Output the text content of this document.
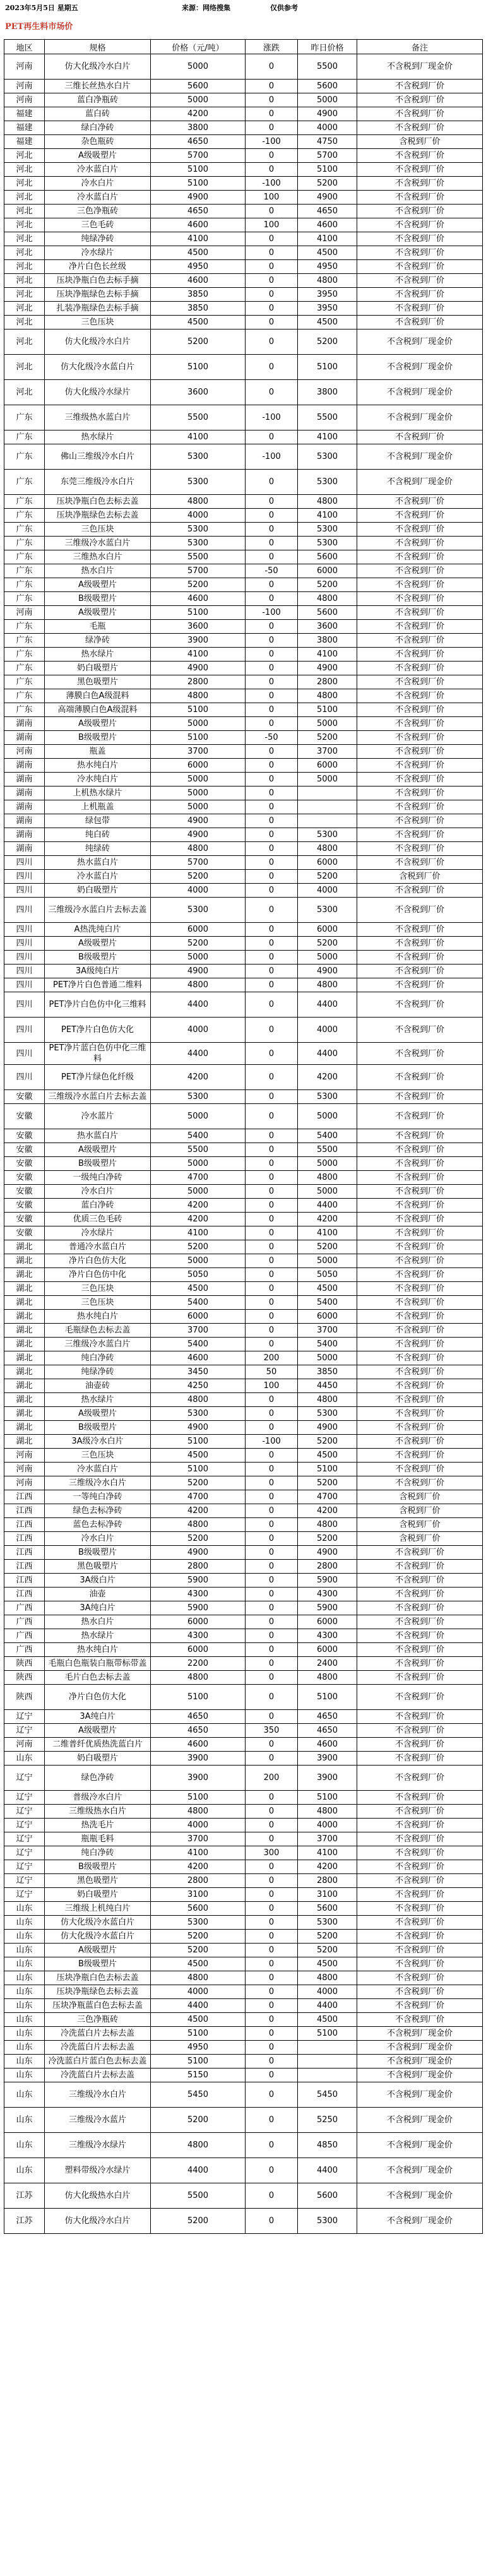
2023年5月5日 星期五	来源：网络搜集	仅供参考
PET再生料市场价
地区	规格	价格（元/吨）	涨跌	昨日价格	备注
河南	仿大化级冷水白片	5000	0	5500	不含税到厂现金价
河南	三维长丝热水白片	5600	0	5600	不含税到厂价
河南	蓝白净瓶砖	5000	0	5000	不含税到厂价
福建	蓝白砖	4200	0	4900	不含税到厂价
福建	绿白净砖	3800	0	4000	不含税到厂价
福建	杂色瓶砖	4650	-100	4750	含税到厂价
河北	A级吸塑片	5700	0	5700	不含税到厂价
河北	冷水蓝白片	5100	0	5100	不含税到厂价
河北	冷水白片	5100	-100	5200	不含税到厂价
河北	冷水蓝白片	4900	100	4900	不含税到厂价
河北	三色净瓶砖	4650	0	4650	不含税到厂价
河北	三色毛砖	4600	100	4600	不含税到厂价
河北	纯绿净砖	4100	0	4100	不含税到厂价
河北	冷水绿片	4500	0	4500	不含税到厂价
河北	净片白色长丝级	4950	0	4950	不含税到厂价
河北	压块净瓶白色去标手摘	4600	0	4800	不含税到厂价
河北	压块净瓶绿色去标手摘	3850	0	3950	不含税到厂价
河北	扎装净瓶绿色去标手摘	3850	0	3950	不含税到厂价
河北	三色压块	4500	0	4500	不含税到厂价
河北	仿大化级冷水白片	5200	0	5200	不含税到厂现金价
河北	仿大化级冷水蓝白片	5100	0	5100	不含税到厂现金价
河北	仿大化级冷水绿片	3600	0	3800	不含税到厂现金价
广东	三维级热水蓝白片	5500	-100	5500	不含税到厂现金价
广东	热水绿片	4100	0	4100	不含税到厂价
广东	佛山三维级冷水白片	5300	-100	5300	不含税到厂现金价
广东	东莞三维级冷水白片	5300	0	5300	不含税到厂现金价
广东	压块净瓶白色去标去盖	4800	0	4800	不含税到厂价
广东	压块净瓶绿色去标去盖	4000	0	4100	不含税到厂价
广东	三色压块	5300	0	5300	不含税到厂价
广东	三维级冷水蓝白片	5300	0	5300	不含税到厂价
广东	三维热水白片	5500	0	5600	不含税到厂价
广东	热水白片	5700	-50	6000	不含税到厂价
广东	A级吸塑片	5200	0	5200	不含税到厂价
广东	B级吸塑片	4600	0	4800	不含税到厂价
河南	A级吸塑片	5100	-100	5600	不含税到厂价
广东	毛瓶	3600	0	3600	不含税到厂价
广东	绿净砖	3900	0	3800	不含税到厂价
广东	热水绿片	4100	0	4100	不含税到厂价
广东	奶白吸塑片	4900	0	4900	不含税到厂价
广东	黑色吸塑片	2800	0	2800	不含税到厂价
广东	薄膜白色A级混料	4800	0	4800	不含税到厂价
广东	高端薄膜白色A级混料	5100	0	5100	不含税到厂价
湖南	A级吸塑片	5000	0	5000	不含税到厂价
湖南	B级吸塑片	5100	-50	5200	不含税到厂价
河南	瓶盖	3700	0	3700	不含税到厂价
湖南	热水纯白片	6000	0	6000	不含税到厂价
湖南	冷水纯白片	5000	0	5000	不含税到厂价
湖南	上机热水绿片	5000	0		不含税到厂价
湖南	上机瓶盖	5000	0		不含税到厂价
湖南	绿包带	4900	0		不含税到厂价
湖南	纯白砖	4900	0	5300	不含税到厂价
湖南	纯绿砖	4800	0	4800	不含税到厂价
四川	热水蓝白片	5700	0	6000	不含税到厂价
四川	冷水蓝白片	5200	0	5200	含税到厂价
四川	奶白吸塑片	4000	0	4000	不含税到厂价
四川	三维级冷水蓝白片去标去盖	5300	0	5300	不含税到厂价
四川	A热洗纯白片	6000	0	6000	不含税到厂价
四川	A级吸塑片	5200	0	5200	不含税到厂价
四川	B级吸塑片	5000	0	5000	不含税到厂价
四川	3A级纯白片	4900	0	4900	不含税到厂价
四川	PET净片白色普通二维料	4800	0	4800	不含税到厂价
四川	PET净片白色仿中化三维料	4400	0	4400	不含税到厂价
四川	PET净片白色仿大化	4000	0	4000	不含税到厂价
四川	PET净片蓝白色仿中化三维料	4400	0	4400	不含税到厂价
四川	PET净片绿色化纤级	4200	0	4200	不含税到厂价
安徽	三维级冷水蓝白片去标去盖	5300	0	5300	不含税到厂价
安徽	冷水蓝片	5000	0	5000	不含税到厂价
安徽	热水蓝白片	5400	0	5400	不含税到厂价
安徽	A级吸塑片	5500	0	5500	不含税到厂价
安徽	B级吸塑片	5000	0	5000	不含税到厂价
安徽	一级纯白净砖	4700	0	4800	不含税到厂价
安徽	冷水白片	5000	0	5000	不含税到厂价
安徽	蓝白净砖	4200	0	4400	不含税到厂价
安徽	优质三色毛砖	4200	0	4200	不含税到厂价
安徽	冷水绿片	4100	0	4100	不含税到厂价
湖北	普通冷水蓝白片	5200	0	5200	不含税到厂价
湖北	净片白色仿大化	5000	0	5000	不含税到厂价
湖北	净片白色仿中化	5050	0	5050	不含税到厂价
湖北	三色压块	4500	0	4500	不含税到厂价
湖北	三色压块	5400	0	5400	不含税到厂价
湖北	热水纯白片	6000	0	6000	不含税到厂价
湖北	毛瓶绿色去标去盖	3700	0	3700	不含税到厂价
湖北	三维级冷水蓝白片	5400	0	5400	不含税到厂价
湖北	纯白净砖	4600	200	5000	不含税到厂价
湖北	纯绿净砖	3450	50	3850	不含税到厂价
湖北	油壶砖	4250	100	4450	不含税到厂价
湖北	热水绿片	4800	0	4800	不含税到厂价
湖北	A级吸塑片	5300	0	5300	不含税到厂价
湖北	B级吸塑片	4900	0	4900	不含税到厂价
湖北	3A级冷水白片	5100	-100	5200	不含税到厂价
河南	三色压块	4500	0	4500	不含税到厂价
河南	冷水蓝白片	5100	0	5100	不含税到厂价
河南	三维级冷水白片	5200	0	5200	不含税到厂价
江西	一等纯白净砖	4700	0	4700	含税到厂价
江西	绿色去标净砖	4200	0	4200	含税到厂价
江西	蓝色去标净砖	4800	0	4800	含税到厂价
江西	冷水白片	5200	0	5200	含税到厂价
江西	B级吸塑片	4900	0	4900	不含税到厂价
江西	黑色吸塑片	2800	0	2800	不含税到厂价
江西	3A级白片	5900	0	5900	不含税到厂价
江西	油壶	4300	0	4300	不含税到厂价
广西	3A纯白片	5900	0	5900	不含税到厂价
广西	热水白片	6000	0	6000	不含税到厂价
广西	热水绿片	4300	0	4300	不含税到厂价
广西	热水纯白片	6000	0	6000	不含税到厂价
陕西	毛瓶白色瓶装白瓶带标带盖	2200	0	2400	不含税到厂价
陕西	毛片白色去标去盖	4800	0	4800	不含税到厂价
陕西	净片白色仿大化	5100	0	5100	不含税到厂价
辽宁	3A纯白片	4650	0	4650	不含税到厂价
辽宁	A级吸塑片	4650	350	4650	不含税到厂价
河南	二维普纤优质热洗蓝白片	4600	0	4600	不含税到厂价
山东	奶白吸塑片	3900	0	3900	不含税到厂价
辽宁	绿色净砖	3900	200	3900	不含税到厂价
辽宁	普级冷水白片	5100	0	5100	不含税到厂价
辽宁	三维级热水白片	4800	0	4800	不含税到厂价
辽宁	热洗毛片	4000	0	4000	不含税到厂价
辽宁	瓶瓶毛料	3700	0	3700	不含税到厂价
辽宁	纯白净砖	4100	300	4100	不含税到厂价
辽宁	B级吸塑片	4200	0	4200	不含税到厂价
辽宁	黑色吸塑片	2800	0	2800	不含税到厂价
辽宁	奶白吸塑片	3100	0	3100	不含税到厂价
山东	三维级上机纯白片	5600	0	5600	不含税到厂价
山东	仿大化级冷水蓝白片	5300	0	5300	不含税到厂价
山东	仿大化级冷水蓝白片	5200	0	5200	不含税到厂价
山东	A级吸塑片	5200	0	5200	不含税到厂价
山东	B级吸塑片	4500	0	4500	不含税到厂价
山东	压块净瓶白色去标去盖	4800	0	4800	不含税到厂价
山东	压块净瓶绿色去标去盖	4000	0	4000	不含税到厂价
山东	压块净瓶蓝白色去标去盖	4400	0	4400	不含税到厂价
山东	三色净瓶砖	4500	0	4500	不含税到厂价
山东	冷洗蓝白片去标去盖	5100	0	5100	不含税到厂现金价
山东	冷洗蓝白片去标去盖	4950	0		不含税到厂现金价
山东	冷洗蓝白片蓝白色去标去盖	5100	0		不含税到厂现金价
山东	冷洗蓝白片去标去盖	5150	0		不含税到厂现金价
山东	三维级冷水白片	5450	0	5450	不含税到厂现金价
山东	三维级冷水蓝片	5200	0	5250	不含税到厂现金价
山东	三维级冷水绿片	4800	0	4850	不含税到厂现金价
山东	塑料带级冷水绿片	4400	0	4400	不含税到厂现金价
江苏	仿大化级热水白片	5500	0	5600	不含税到厂现金价
江苏	仿大化级冷水白片	5200	0	5300	不含税到厂现金价
